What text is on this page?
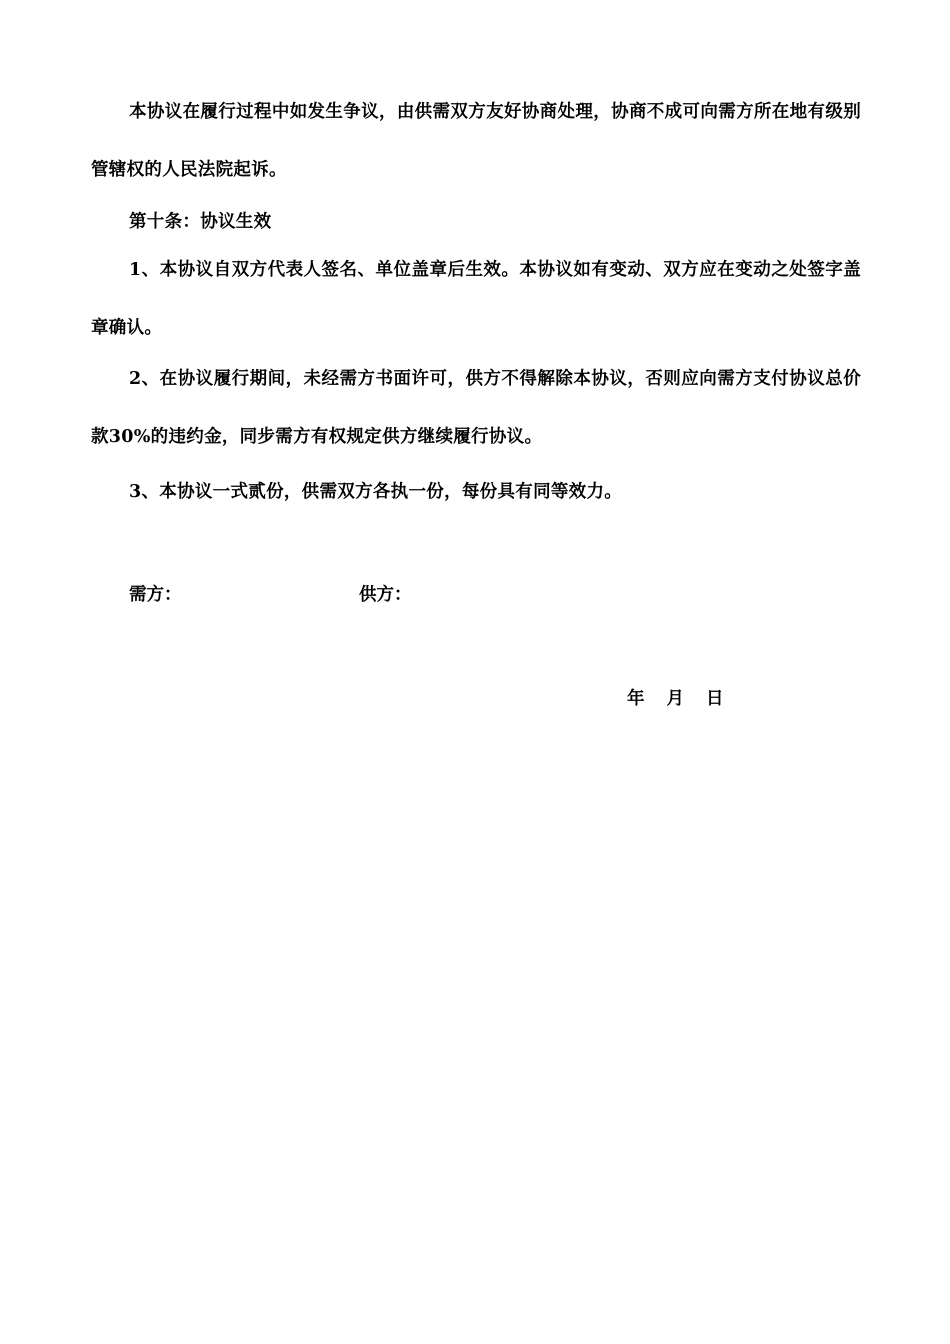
本协议在履行过程中如发生争议，由供需双方友好协商处理，协商不成可向需方所在地有级别管辖权的人民法院起诉。

第十条：协议生效

1、本协议自双方代表人签名、单位盖章后生效。本协议如有变动、双方应在变动之处签字盖章确认。

2、在协议履行期间，未经需方书面许可，供方不得解除本协议，否则应向需方支付协议总价款30%的违约金，同步需方有权规定供方继续履行协议。

3、本协议一式贰份，供需双方各执一份，每份具有同等效力。
需方：	供方：
年 月 日
